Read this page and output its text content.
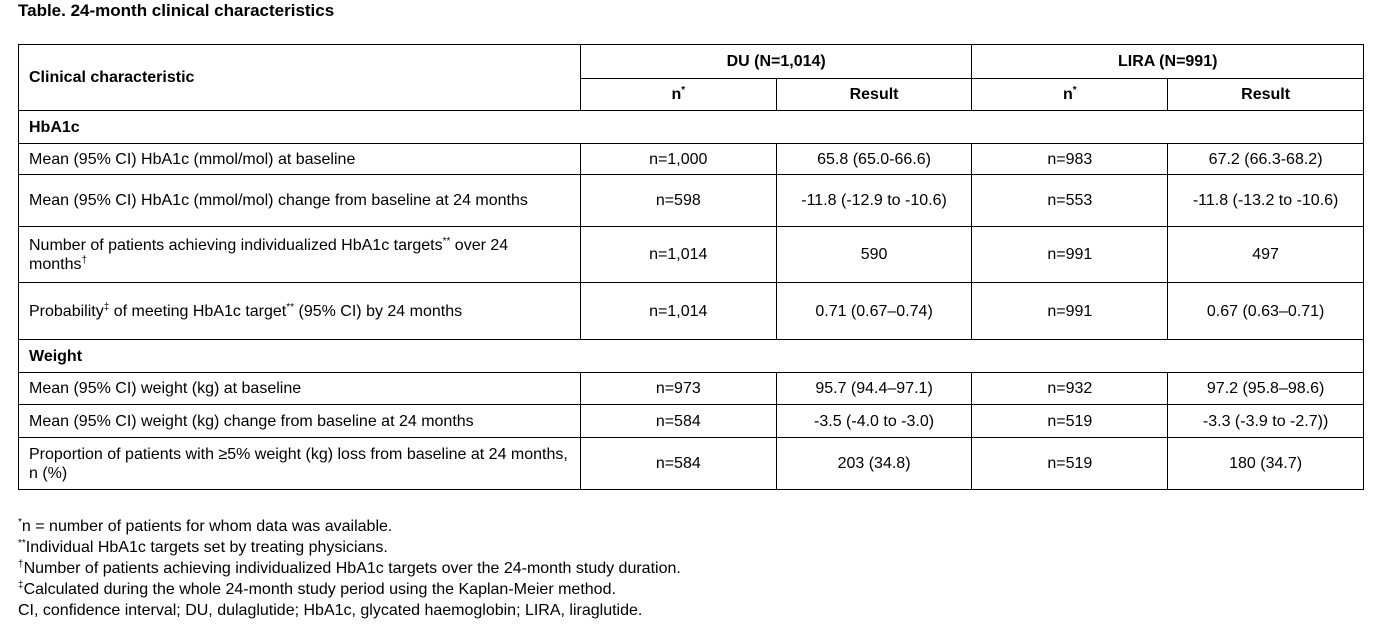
Table. 24-month clinical characteristics
Clinical characteristic	DU (N=1,014)		LIRA (N=991)	
	n*	Result	n*	Result
HbA1c				
Mean (95% CI) HbA1c (mmol/mol) at baseline	n=1,000	65.8 (65.0-66.6)	n=983	67.2 (66.3-68.2)
Mean (95% CI) HbA1c (mmol/mol) change from baseline at 24 months	n=598	-11.8 (-12.9 to -10.6)	n=553	-11.8 (-13.2 to -10.6)
Number of patients achieving individualized HbA1c targets** over 24 months†	n=1,014	590	n=991	497
Probability‡ of meeting HbA1c target** (95% CI) by 24 months	n=1,014	0.71 (0.67–0.74)	n=991	0.67 (0.63–0.71)
Weight				
Mean (95% CI) weight (kg) at baseline	n=973	95.7 (94.4–97.1)	n=932	97.2 (95.8–98.6)
Mean (95% CI) weight (kg) change from baseline at 24 months	n=584	-3.5 (-4.0 to -3.0)	n=519	-3.3 (-3.9 to -2.7))
Proportion of patients with ≥5% weight (kg) loss from baseline at 24 months, n (%)	n=584	203 (34.8)	n=519	180 (34.7)
*n = number of patients for whom data was available.
**Individual HbA1c targets set by treating physicians.
†Number of patients achieving individualized HbA1c targets over the 24-month study duration.
‡Calculated during the whole 24-month study period using the Kaplan-Meier method.
CI, confidence interval; DU, dulaglutide; HbA1c, glycated haemoglobin; LIRA, liraglutide.
